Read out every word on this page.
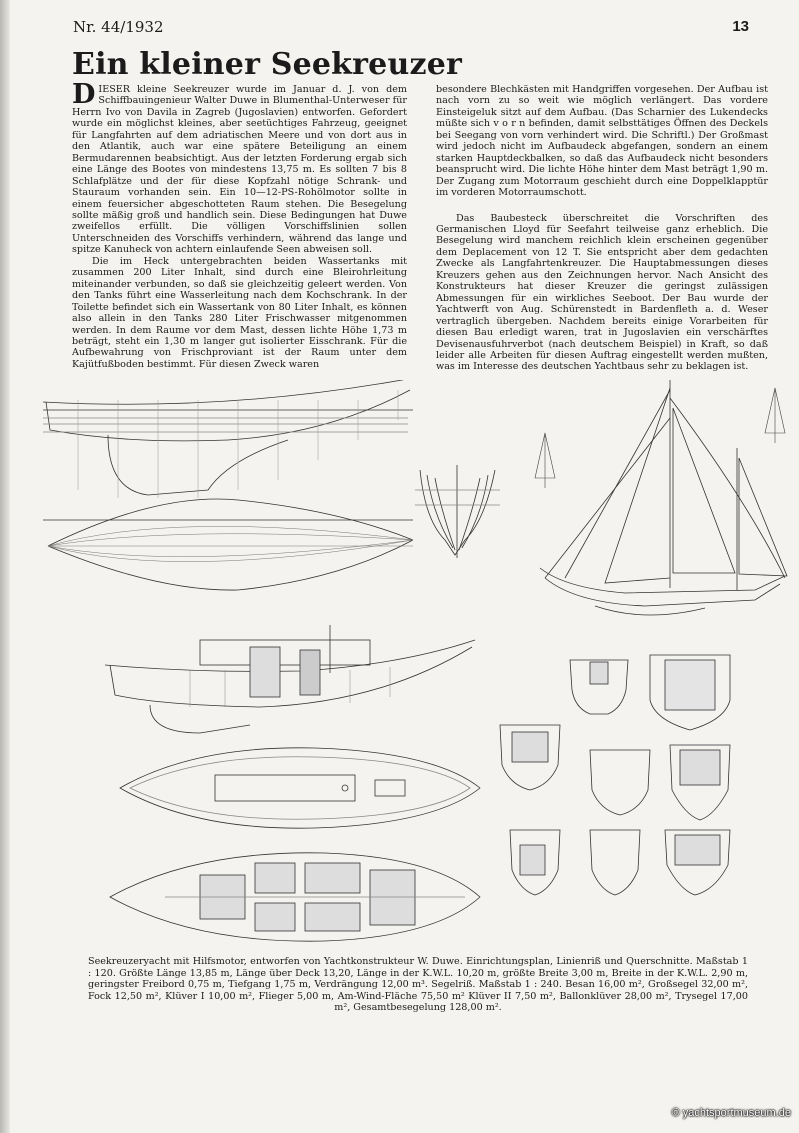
Nr. 44/1932	13
Ein kleiner Seekreuzer

DIESER kleine Seekreuzer wurde im Januar d. J. von dem Schiffbauingenieur Walter Duwe in Blumenthal-Unterweser für Herrn Ivo von Davila in Zagreb (Jugoslavien) entworfen. Gefordert wurde ein möglichst kleines, aber seetüchtiges Fahrzeug, geeignet für Langfahrten auf dem adriatischen Meere und von dort aus in den Atlantik, auch war eine spätere Beteiligung an einem Bermudarennen beabsichtigt. Aus der letzten Forderung ergab sich eine Länge des Bootes von mindestens 13,75 m. Es sollten 7 bis 8 Schlafplätze und der für diese Kopfzahl nötige Schrank- und Stauraum vorhanden sein. Ein 10—12-PS-Rohölmotor sollte in einem feuersicher abgeschotteten Raum stehen. Die Besegelung sollte mäßig groß und handlich sein. Diese Bedingungen hat Duwe zweifellos erfüllt. Die völligen Vorschiffslinien sollen Unterschneiden des Vorschiffs verhindern, während das lange und spitze Kanuheck von achtern einlaufende Seen abweisen soll.

Die im Heck untergebrachten beiden Wassertanks mit zusammen 200 Liter Inhalt, sind durch eine Bleirohrleitung miteinander verbunden, so daß sie gleichzeitig geleert werden. Von den Tanks führt eine Wasserleitung nach dem Kochschrank. In der Toilette befindet sich ein Wassertank von 80 Liter Inhalt, es können also allein in den Tanks 280 Liter Frischwasser mitgenommen werden. In dem Raume vor dem Mast, dessen lichte Höhe 1,73 m beträgt, steht ein 1,30 m langer gut isolierter Eisschrank. Für die Aufbewahrung von Frischproviant ist der Raum unter dem Kajütfußboden bestimmt. Für diesen Zweck waren

besondere Blechkästen mit Handgriffen vorgesehen. Der Aufbau ist nach vorn zu so weit wie möglich verlängert. Das vordere Einsteigeluk sitzt auf dem Aufbau. (Das Scharnier des Lukendecks müßte sich v o r n befinden, damit selbsttätiges Öffnen des Deckels bei Seegang von vorn verhindert wird. Die Schriftl.) Der Großmast wird jedoch nicht im Aufbaudeck abgefangen, sondern an einem starken Hauptdeckbalken, so daß das Aufbaudeck nicht besonders beansprucht wird. Die lichte Höhe hinter dem Mast beträgt 1,90 m. Der Zugang zum Motorraum geschieht durch eine Doppelklapptür im vorderen Motorraumschott.

Das Baubesteck überschreitet die Vorschriften des Germanischen Lloyd für Seefahrt teilweise ganz erheblich. Die Besegelung wird manchem reichlich klein erscheinen gegenüber dem Deplacement von 12 T. Sie entspricht aber dem gedachten Zwecke als Langfahrtenkreuzer. Die Hauptabmessungen dieses Kreuzers gehen aus den Zeichnungen hervor. Nach Ansicht des Konstrukteurs hat dieser Kreuzer die geringst zulässigen Abmessungen für ein wirkliches Seeboot. Der Bau wurde der Yachtwerft von Aug. Schürenstedt in Bardenfleth a. d. Weser vertraglich übergeben. Nachdem bereits einige Vorarbeiten für diesen Bau erledigt waren, trat in Jugoslavien ein verschärftes Devisenausfuhrverbot (nach deutschem Beispiel) in Kraft, so daß leider alle Arbeiten für diesen Auftrag eingestellt werden mußten, was im Interesse des deutschen Yachtbaus sehr zu beklagen ist.

Seekreuzeryacht mit Hilfsmotor, entworfen von Yachtkonstrukteur W. Duwe. Einrichtungsplan, Linienriß und Querschnitte. Maßstab 1 : 120. Größte Länge 13,85 m, Länge über Deck 13,20, Länge in der K.W.L. 10,20 m, größte Breite 3,00 m, Breite in der K.W.L. 2,90 m, geringster Freibord 0,75 m, Tiefgang 1,75 m, Verdrängung 12,00 m³. Segelriß. Maßstab 1 : 240. Besan 16,00 m², Großsegel 32,00 m², Fock 12,50 m², Klüver I 10,00 m², Flieger 5,00 m, Am-Wind-Fläche 75,50 m² Klüver II 7,50 m², Ballonklüver 28,00 m², Trysegel 17,00 m², Gesamtbesegelung 128,00 m².

© yachtsportmuseum.de
